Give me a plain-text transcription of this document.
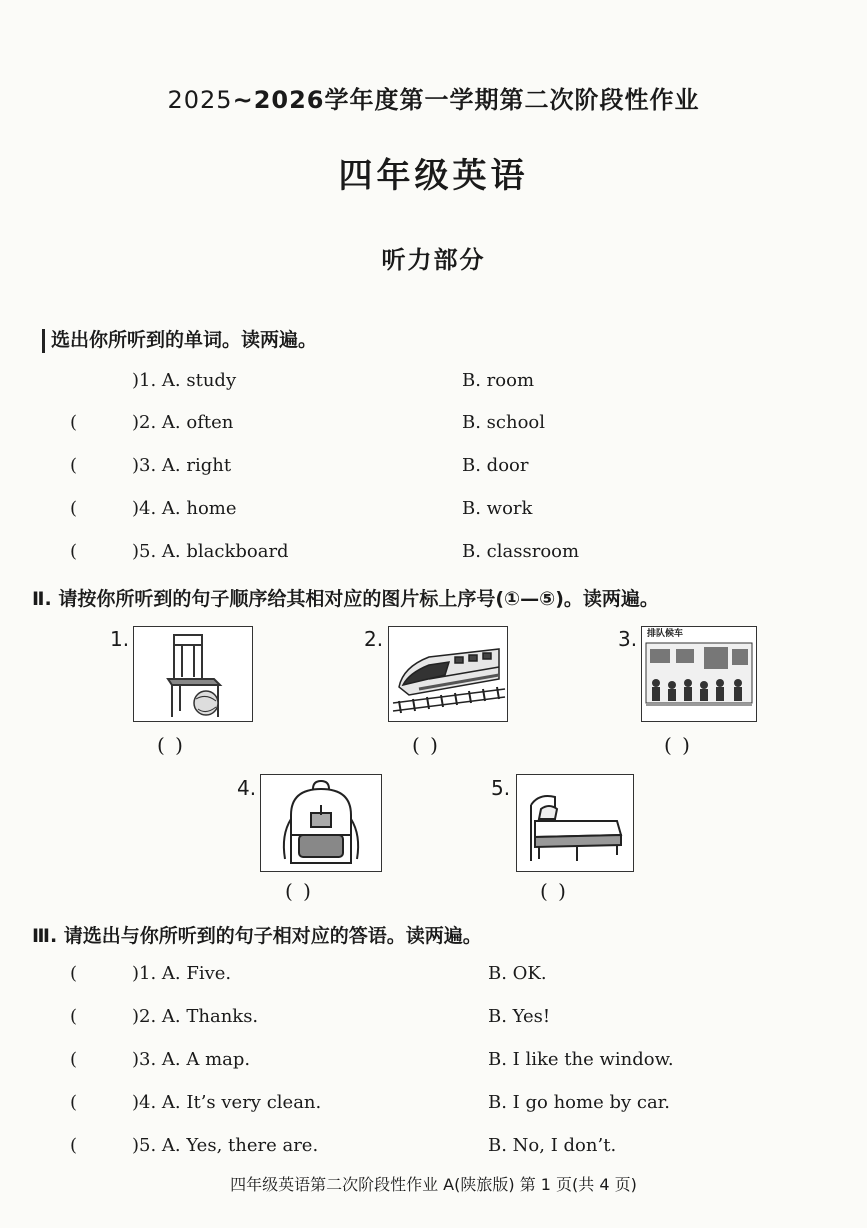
2025~2026学年度第一学期第二次阶段性作业
四年级英语
听力部分
选出你所听到的单词。读两遍。
)1. A. study	B. room
(	)2. A. often	B. school
(	)3. A. right	B. door
(	)4. A. home	B. work
(	)5. A. blackboard	B. classroom
Ⅱ. 请按你所听到的句子顺序给其相对应的图片标上序号(①—⑤)。读两遍。
1.
( )
2.
( )
3. 排队候车
( )
4.
( )
5.
( )
Ⅲ. 请选出与你所听到的句子相对应的答语。读两遍。
(	)1. A. Five.	B. OK.
(	)2. A. Thanks.	B. Yes!
(	)3. A. A map.	B. I like the window.
(	)4. A. It’s very clean.	B. I go home by car.
(	)5. A. Yes, there are.	B. No, I don’t.
四年级英语第二次阶段性作业 A(陕旅版) 第 1 页(共 4 页)
